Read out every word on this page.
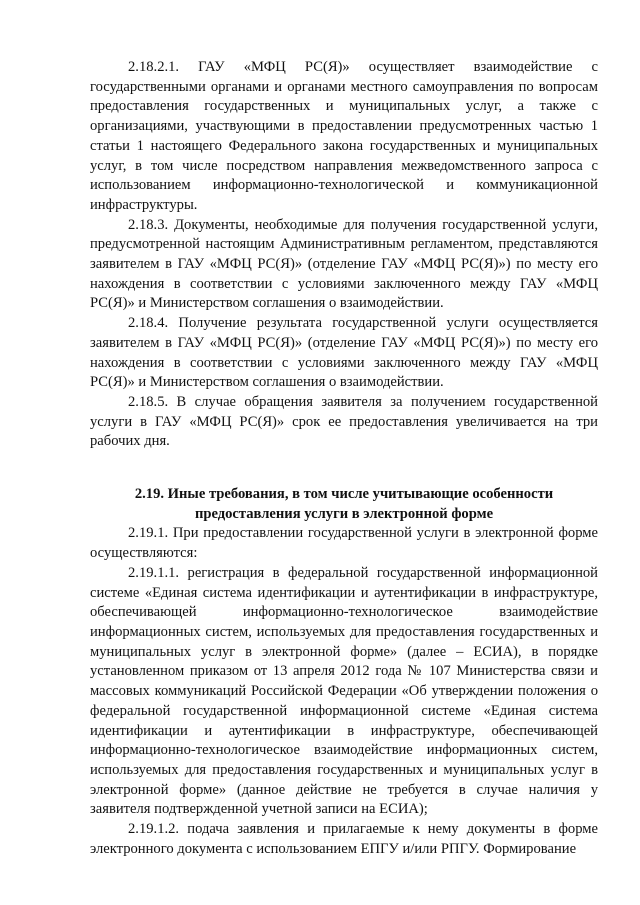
2.18.2.1. ГАУ «МФЦ РС(Я)» осуществляет взаимодействие с государственными органами и органами местного самоуправления по вопросам предоставления государственных и муниципальных услуг, а также с организациями, участвующими в предоставлении предусмотренных частью 1 статьи 1 настоящего Федерального закона государственных и муниципальных услуг, в том числе посредством направления межведомственного запроса с использованием информационно-технологической и коммуникационной инфраструктуры.

2.18.3. Документы, необходимые для получения государственной услуги, предусмотренной настоящим Административным регламентом, представляются заявителем в ГАУ «МФЦ РС(Я)» (отделение ГАУ «МФЦ РС(Я)») по месту его нахождения в соответствии с условиями заключенного между ГАУ «МФЦ РС(Я)» и Министерством соглашения о взаимодействии.

2.18.4. Получение результата государственной услуги осуществляется заявителем в ГАУ «МФЦ РС(Я)» (отделение ГАУ «МФЦ РС(Я)») по месту его нахождения в соответствии с условиями заключенного между ГАУ «МФЦ РС(Я)» и Министерством соглашения о взаимодействии.

2.18.5. В случае обращения заявителя за получением государственной услуги в ГАУ «МФЦ РС(Я)» срок ее предоставления увеличивается на три рабочих дня.

2.19. Иные требования, в том числе учитывающие особенности предоставления услуги в электронной форме

2.19.1. При предоставлении государственной услуги в электронной форме осуществляются:

2.19.1.1. регистрация в федеральной государственной информационной системе «Единая система идентификации и аутентификации в инфраструктуре, обеспечивающей информационно-технологическое взаимодействие информационных систем, используемых для предоставления государственных и муниципальных услуг в электронной форме» (далее – ЕСИА), в порядке установленном приказом от 13 апреля 2012 года № 107 Министерства связи и массовых коммуникаций Российской Федерации «Об утверждении положения о федеральной государственной информационной системе «Единая система идентификации и аутентификации в инфраструктуре, обеспечивающей информационно-технологическое взаимодействие информационных систем, используемых для предоставления государственных и муниципальных услуг в электронной форме» (данное действие не требуется в случае наличия у заявителя подтвержденной учетной записи на ЕСИА);

2.19.1.2. подача заявления и прилагаемые к нему документы в форме электронного документа с использованием ЕПГУ и/или РПГУ. Формирование
